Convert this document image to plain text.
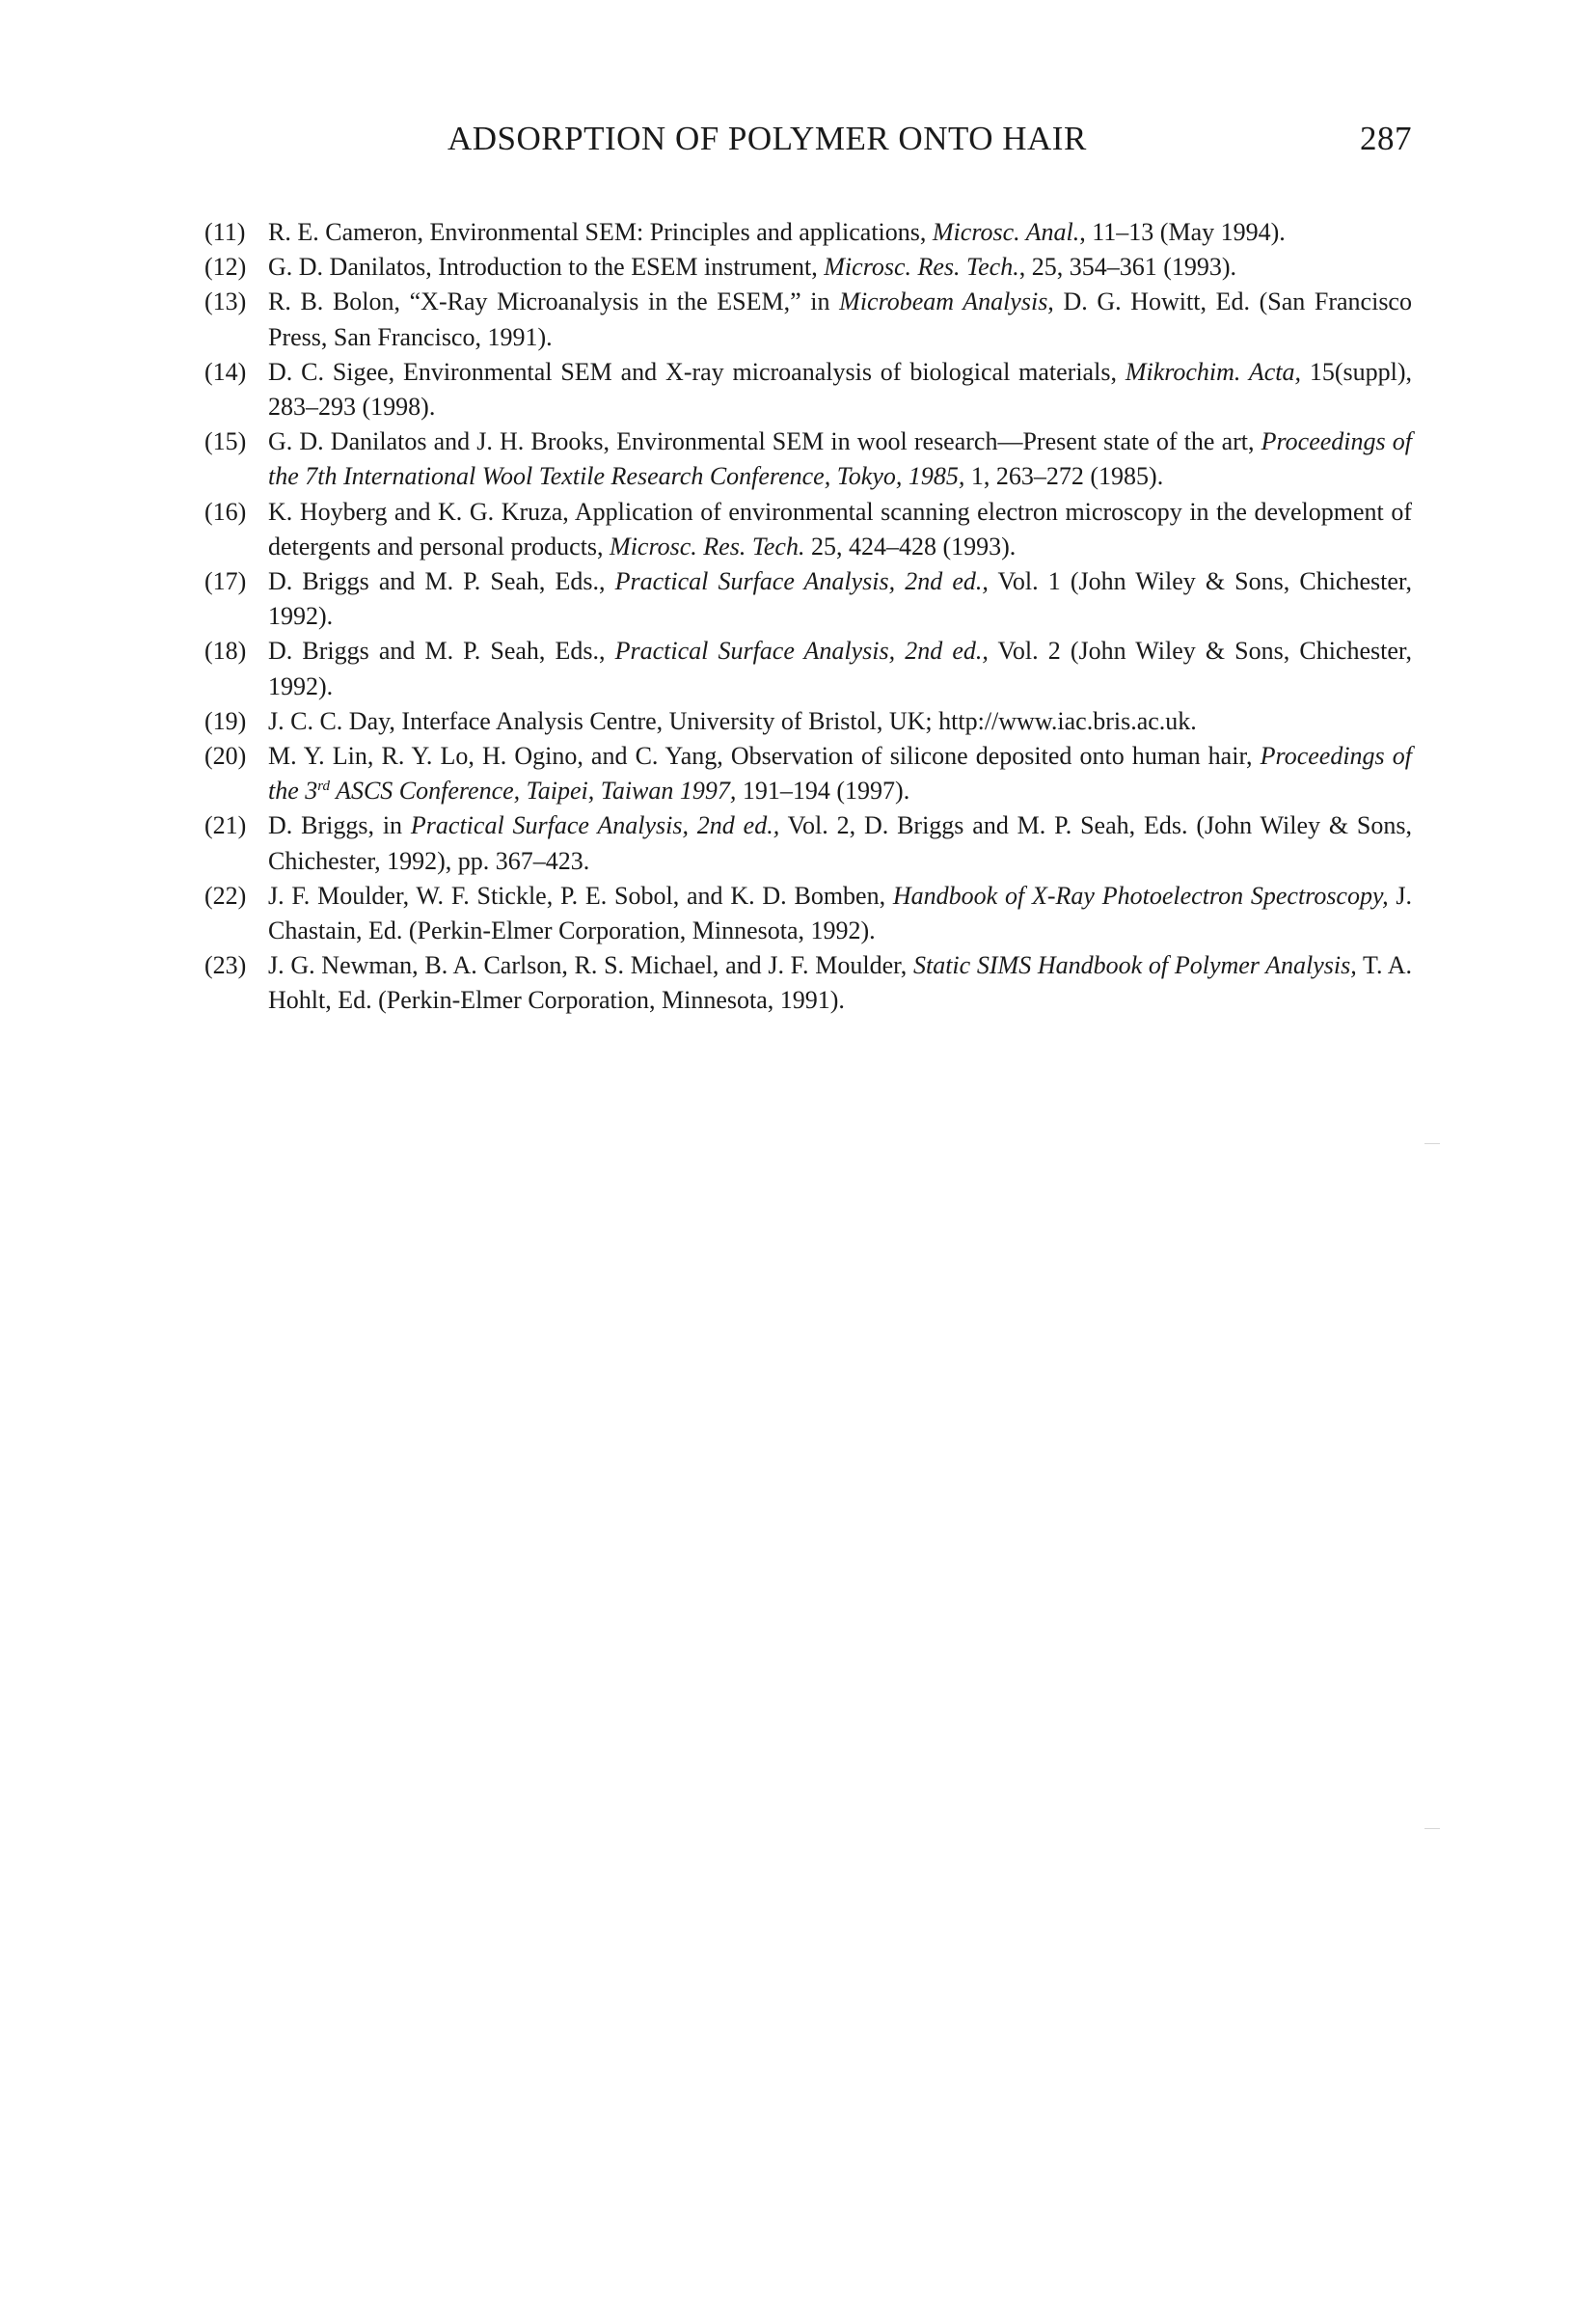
ADSORPTION OF POLYMER ONTO HAIR	287
(11) R. E. Cameron, Environmental SEM: Principles and applications, Microsc. Anal., 11–13 (May 1994).
(12) G. D. Danilatos, Introduction to the ESEM instrument, Microsc. Res. Tech., 25, 354–361 (1993).
(13) R. B. Bolon, “X-Ray Microanalysis in the ESEM,” in Microbeam Analysis, D. G. Howitt, Ed. (San Francisco Press, San Francisco, 1991).
(14) D. C. Sigee, Environmental SEM and X-ray microanalysis of biological materials, Mikrochim. Acta, 15(suppl), 283–293 (1998).
(15) G. D. Danilatos and J. H. Brooks, Environmental SEM in wool research—Present state of the art, Proceedings of the 7th International Wool Textile Research Conference, Tokyo, 1985, 1, 263–272 (1985).
(16) K. Hoyberg and K. G. Kruza, Application of environmental scanning electron microscopy in the development of detergents and personal products, Microsc. Res. Tech. 25, 424–428 (1993).
(17) D. Briggs and M. P. Seah, Eds., Practical Surface Analysis, 2nd ed., Vol. 1 (John Wiley & Sons, Chichester, 1992).
(18) D. Briggs and M. P. Seah, Eds., Practical Surface Analysis, 2nd ed., Vol. 2 (John Wiley & Sons, Chichester, 1992).
(19) J. C. C. Day, Interface Analysis Centre, University of Bristol, UK; http://www.iac.bris.ac.uk.
(20) M. Y. Lin, R. Y. Lo, H. Ogino, and C. Yang, Observation of silicone deposited onto human hair, Proceedings of the 3rd ASCS Conference, Taipei, Taiwan 1997, 191–194 (1997).
(21) D. Briggs, in Practical Surface Analysis, 2nd ed., Vol. 2, D. Briggs and M. P. Seah, Eds. (John Wiley & Sons, Chichester, 1992), pp. 367–423.
(22) J. F. Moulder, W. F. Stickle, P. E. Sobol, and K. D. Bomben, Handbook of X-Ray Photoelectron Spectroscopy, J. Chastain, Ed. (Perkin-Elmer Corporation, Minnesota, 1992).
(23) J. G. Newman, B. A. Carlson, R. S. Michael, and J. F. Moulder, Static SIMS Handbook of Polymer Analysis, T. A. Hohlt, Ed. (Perkin-Elmer Corporation, Minnesota, 1991).
